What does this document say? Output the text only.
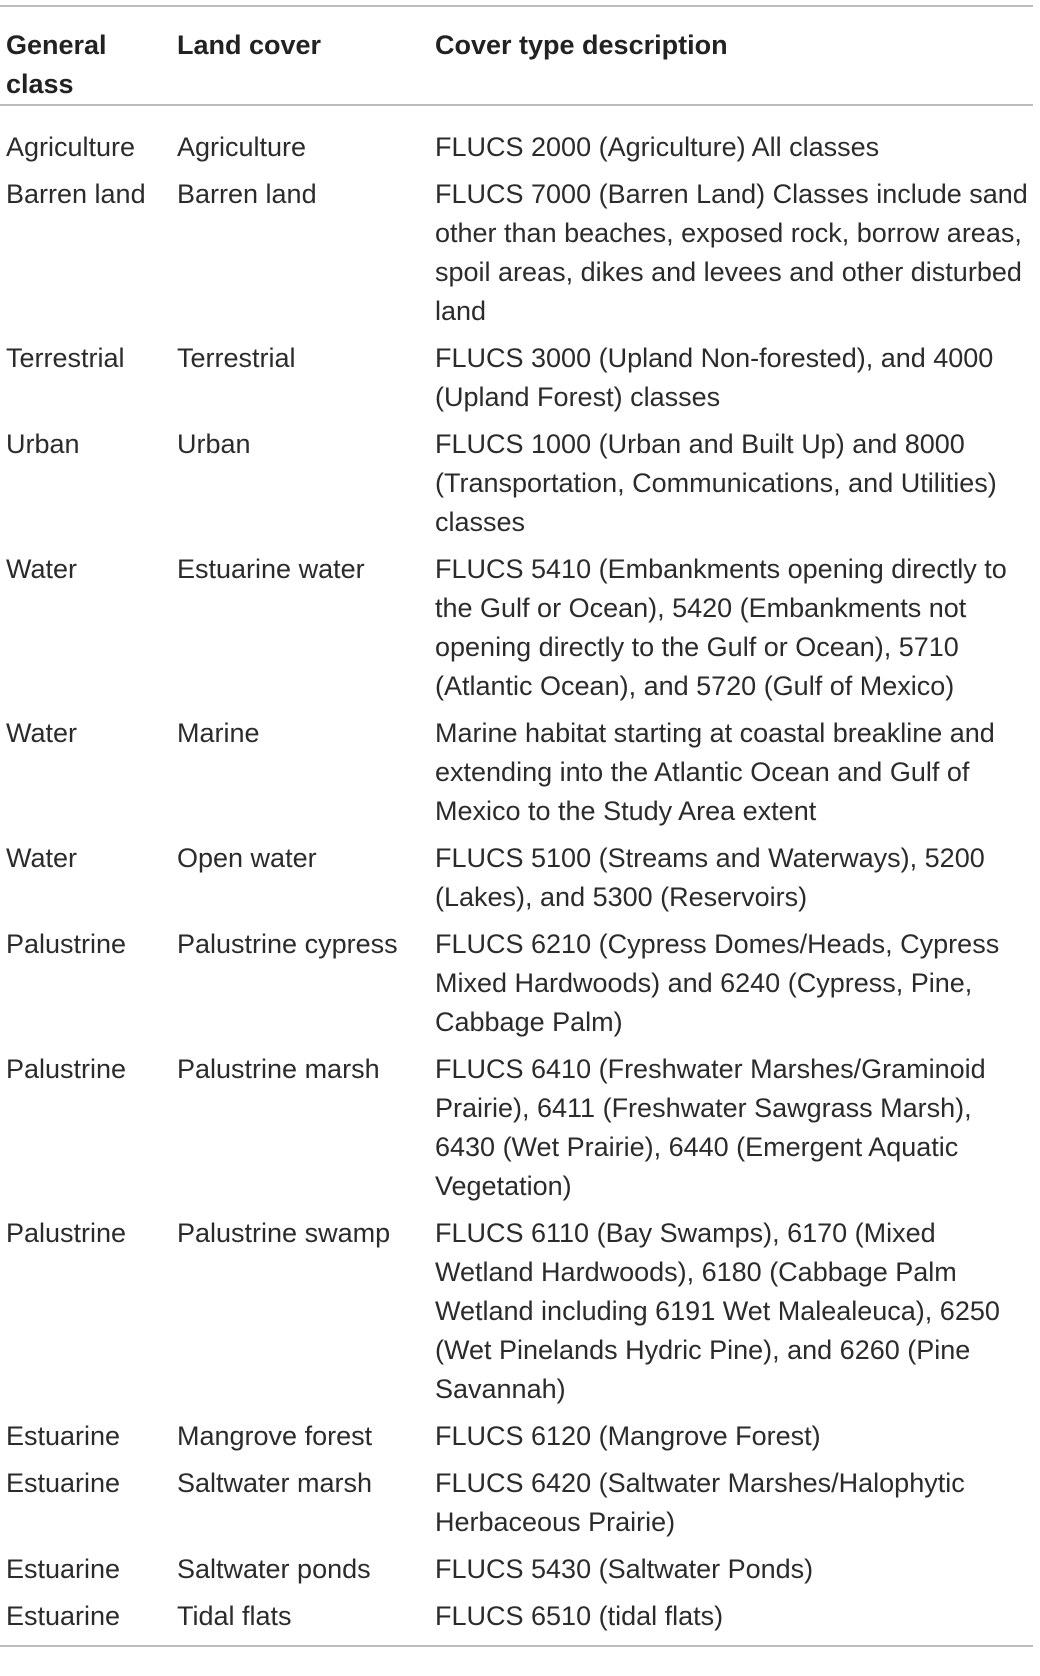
General class	Land cover	Cover type description
Agriculture	Agriculture	FLUCS 2000 (Agriculture) All classes
Barren land	Barren land	FLUCS 7000 (Barren Land) Classes include sand other than beaches, exposed rock, borrow areas, spoil areas, dikes and levees and other disturbed land
Terrestrial	Terrestrial	FLUCS 3000 (Upland Non-forested), and 4000 (Upland Forest) classes
Urban	Urban	FLUCS 1000 (Urban and Built Up) and 8000 (Transportation, Communications, and Utilities) classes
Water	Estuarine water	FLUCS 5410 (Embankments opening directly to the Gulf or Ocean), 5420 (Embankments not opening directly to the Gulf or Ocean), 5710 (Atlantic Ocean), and 5720 (Gulf of Mexico)
Water	Marine	Marine habitat starting at coastal breakline and extending into the Atlantic Ocean and Gulf of Mexico to the Study Area extent
Water	Open water	FLUCS 5100 (Streams and Waterways), 5200 (Lakes), and 5300 (Reservoirs)
Palustrine	Palustrine cypress	FLUCS 6210 (Cypress Domes/Heads, Cypress Mixed Hardwoods) and 6240 (Cypress, Pine, Cabbage Palm)
Palustrine	Palustrine marsh	FLUCS 6410 (Freshwater Marshes/Graminoid Prairie), 6411 (Freshwater Sawgrass Marsh), 6430 (Wet Prairie), 6440 (Emergent Aquatic Vegetation)
Palustrine	Palustrine swamp	FLUCS 6110 (Bay Swamps), 6170 (Mixed Wetland Hardwoods), 6180 (Cabbage Palm Wetland including 6191 Wet Malealeuca), 6250 (Wet Pinelands Hydric Pine), and 6260 (Pine Savannah)
Estuarine	Mangrove forest	FLUCS 6120 (Mangrove Forest)
Estuarine	Saltwater marsh	FLUCS 6420 (Saltwater Marshes/Halophytic Herbaceous Prairie)
Estuarine	Saltwater ponds	FLUCS 5430 (Saltwater Ponds)
Estuarine	Tidal flats	FLUCS 6510 (tidal flats)
